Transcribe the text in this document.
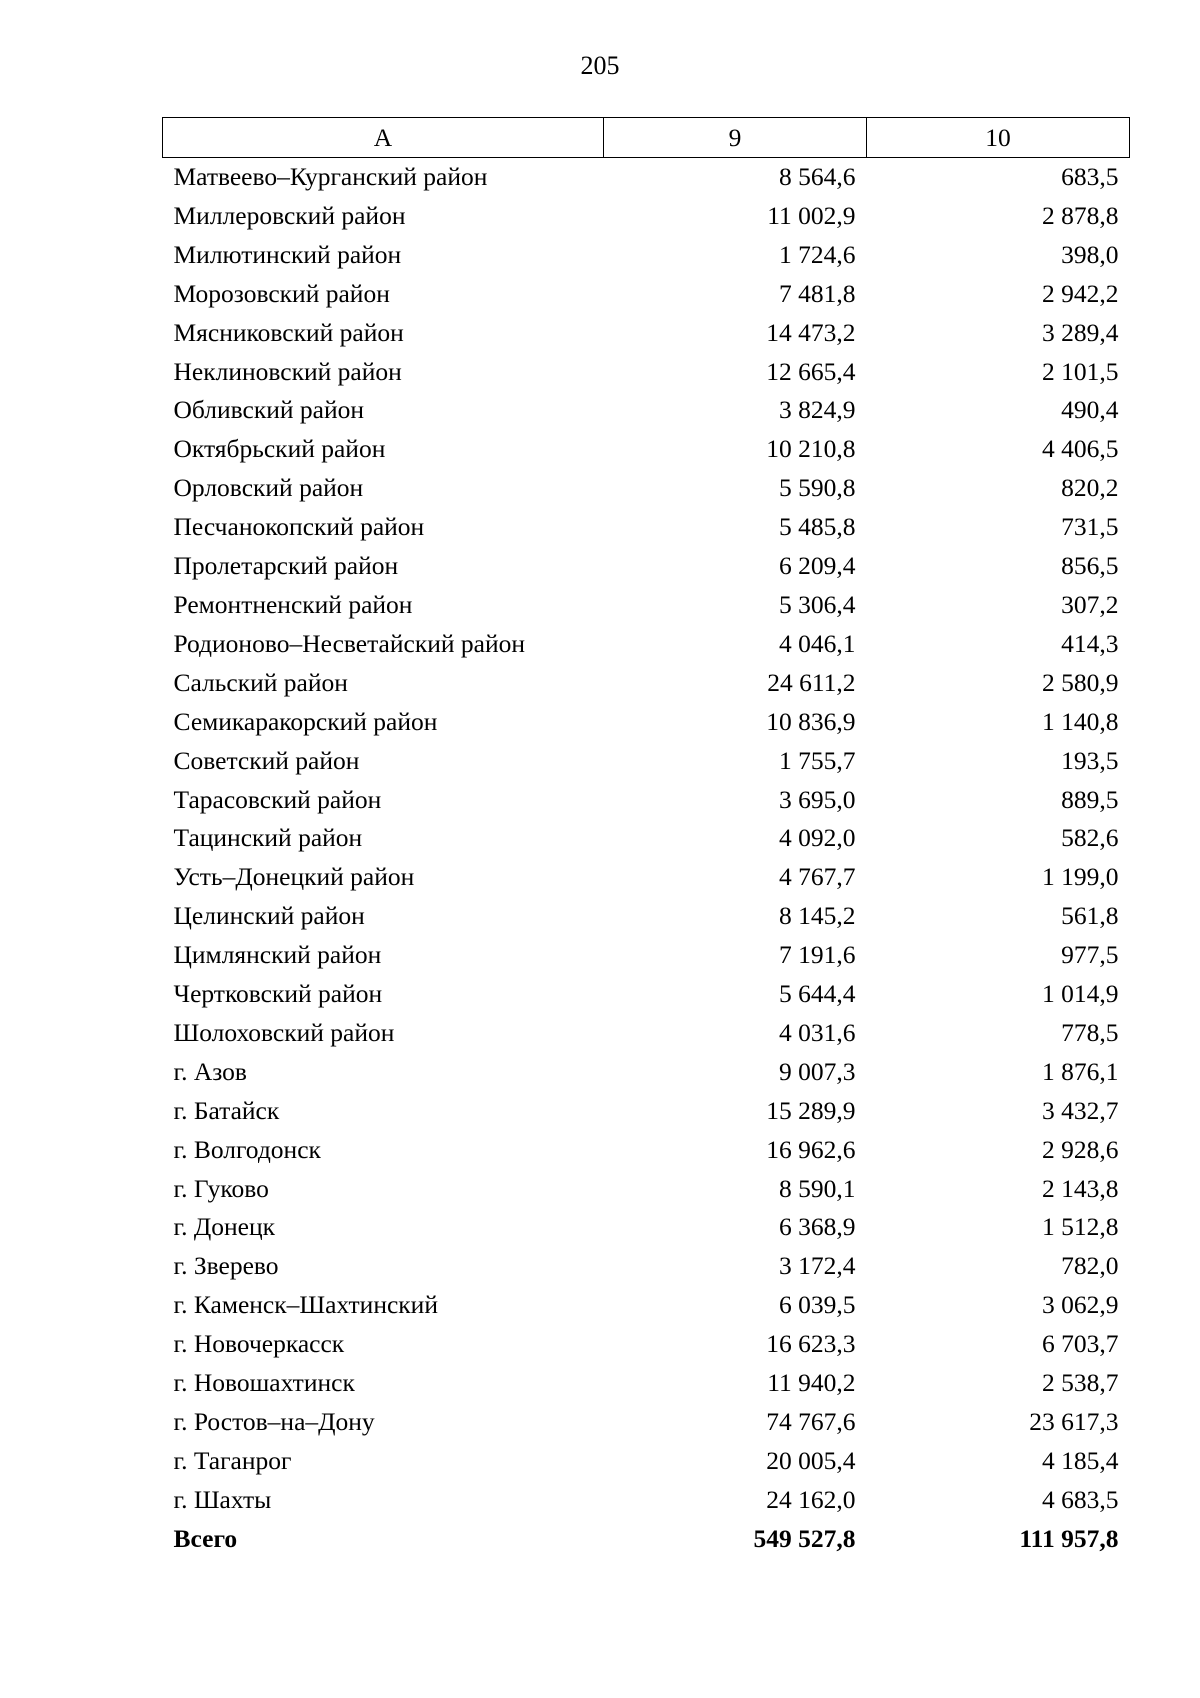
205
А	9	10
Матвеево–Курганский район	8 564,6	683,5
Миллеровский район	11 002,9	2 878,8
Милютинский район	1 724,6	398,0
Морозовский район	7 481,8	2 942,2
Мясниковский район	14 473,2	3 289,4
Неклиновский район	12 665,4	2 101,5
Обливский район	3 824,9	490,4
Октябрьский район	10 210,8	4 406,5
Орловский район	5 590,8	820,2
Песчанокопский район	5 485,8	731,5
Пролетарский район	6 209,4	856,5
Ремонтненский район	5 306,4	307,2
Родионово–Несветайский район	4 046,1	414,3
Сальский район	24 611,2	2 580,9
Семикаракорский район	10 836,9	1 140,8
Советский район	1 755,7	193,5
Тарасовский район	3 695,0	889,5
Тацинский район	4 092,0	582,6
Усть–Донецкий район	4 767,7	1 199,0
Целинский район	8 145,2	561,8
Цимлянский район	7 191,6	977,5
Чертковский район	5 644,4	1 014,9
Шолоховский район	4 031,6	778,5
г. Азов	9 007,3	1 876,1
г. Батайск	15 289,9	3 432,7
г. Волгодонск	16 962,6	2 928,6
г. Гуково	8 590,1	2 143,8
г. Донецк	6 368,9	1 512,8
г. Зверево	3 172,4	782,0
г. Каменск–Шахтинский	6 039,5	3 062,9
г. Новочеркасск	16 623,3	6 703,7
г. Новошахтинск	11 940,2	2 538,7
г. Ростов–на–Дону	74 767,6	23 617,3
г. Таганрог	20 005,4	4 185,4
г. Шахты	24 162,0	4 683,5
Всего	549 527,8	111 957,8
